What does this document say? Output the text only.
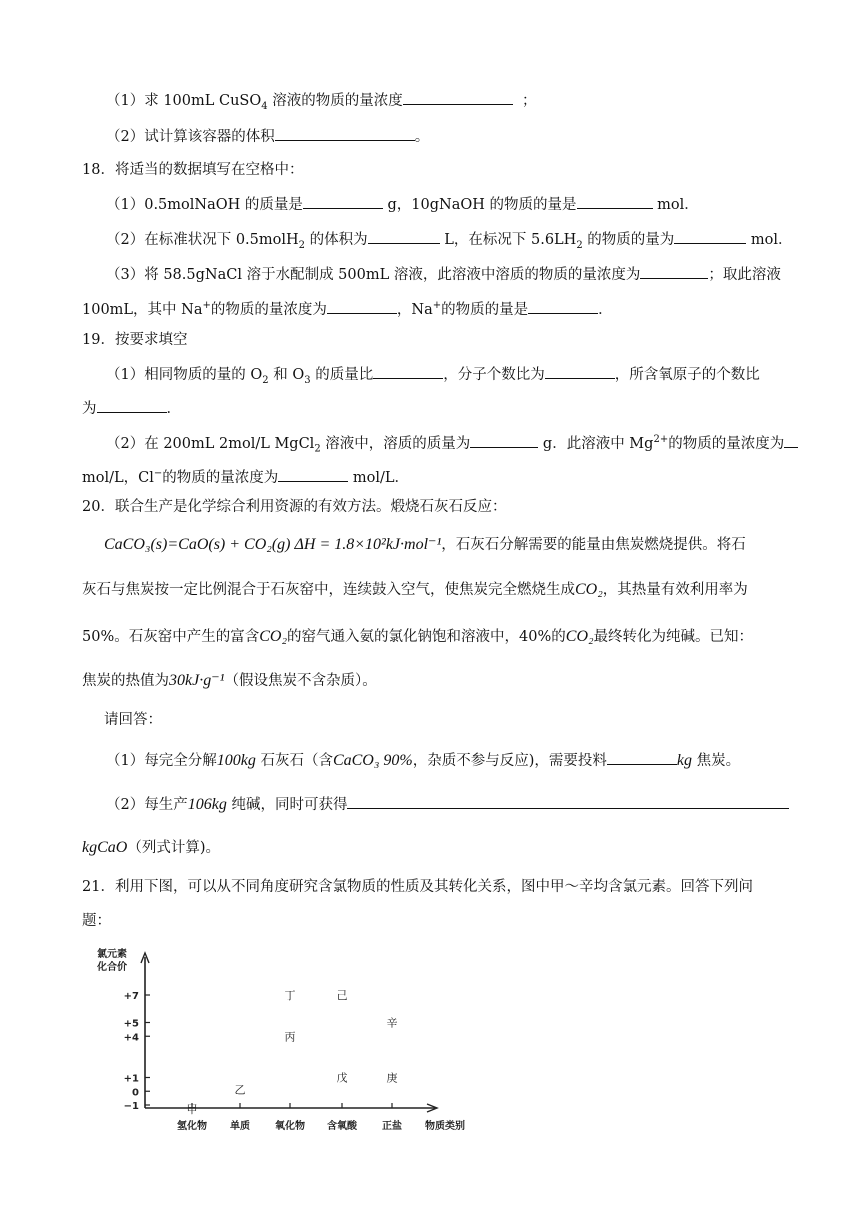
（1）求 100mL CuSO$_4$ 溶液的物质的量浓度	；
（2）试计算该容器的体积	。
18．将适当的数据填写在空格中：
（1）0.5molNaOH 的质量是	g，10gNaOH 的物质的量是	mol．
（2）在标准状况下 0.5molH$_2$ 的体积为	L，在标况下 $5.6LH_2$ 的物质的量为	mol．
（3）将 58.5gNaCl 溶于水配制成 500mL 溶液，此溶液中溶质的物质的量浓度为	；取此溶液
100mL，其中 Na+的物质的量浓度为	，Na+的物质的量是	．
19．按要求填空
（1）相同物质的量的 $O_2$ 和 $O_3$ 的质量比	，分子个数比为	，所含氧原子的个数比
为	．
（2）在 200mL 2mol/L MgCl$_2$ 溶液中，溶质的质量为	g．此溶液中 $Mg^{2+}$的物质的量浓度为
mol/L，Cl−的物质的量浓度为	mol/L．
20．联合生产是化学综合利用资源的有效方法。煅烧石灰石反应：
CaCO₃(s)=CaO(s) + CO₂(g) ΔH = 1.8×10²kJ·mol⁻¹，石灰石分解需要的能量由焦炭燃烧提供。将石
灰石与焦炭按一定比例混合于石灰窑中，连续鼓入空气，使焦炭完全燃烧生成CO₂，其热量有效利用率为
50%。石灰窑中产生的富含CO₂的窑气通入氨的氯化钠饱和溶液中，40%的CO₂最终转化为纯碱。已知：
焦炭的热值为30kJ·g⁻¹（假设焦炭不含杂质）。
请回答：
（1）每完全分解100kg 石灰石（含CaCO₃ 90%，杂质不参与反应)，需要投料	kg 焦炭。
（2）每生产106kg 纯碱，同时可获得
kgCaO（列式计算)。
21．利用下图，可以从不同角度研究含氯物质的性质及其转化关系，图中甲～辛均含氯元素。回答下列问
题：
氯元素
化合价
+7
+5
+4
+1
0
−1	甲
乙
丙
丁
戊
己
庚
辛
氢化物 单质	氧化物 含氧酸	正盐 物质类别
